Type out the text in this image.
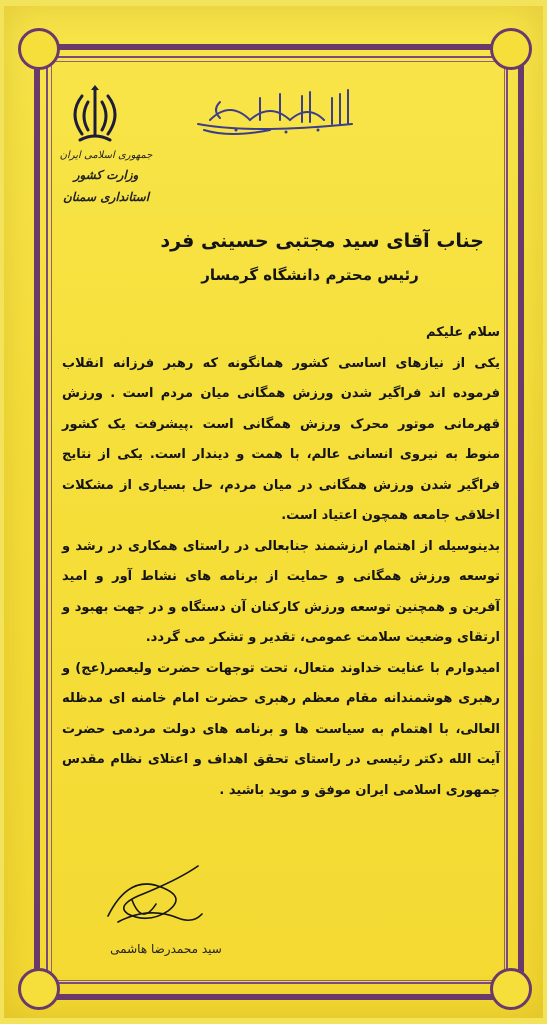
جمهوری اسلامی ایران
وزارت کشور
استانداری سمنان
جناب آقای سید مجتبی حسینی فرد
رئیس محترم دانشگاه گرمسار

سلام علیکم

یکی از نیازهای اساسی کشور همانگونه که رهبر فرزانه انقلاب فرموده اند فراگیر شدن ورزش همگانی میان مردم است . ورزش قهرمانی موتور محرک ورزش همگانی است .پیشرفت یک کشور منوط به نیروی انسانی عالم، با همت و دیندار است. یکی از نتایج فراگیر شدن ورزش همگانی در میان مردم، حل بسیاری از مشکلات اخلاقی جامعه همچون اعتیاد است.

بدینوسیله از اهتمام ارزشمند جنابعالی در راستای همکاری در رشد و توسعه ورزش همگانی و حمایت از برنامه های نشاط آور و امید آفرین و همچنین توسعه ورزش کارکنان آن دستگاه و در جهت بهبود و ارتقای وضعیت سلامت عمومی، تقدیر و تشکر می گردد.

امیدوارم با عنایت خداوند متعال، تحت توجهات حضرت ولیعصر(عج) و رهبری هوشمندانه مقام معظم رهبری حضرت امام خامنه ای مدظله العالی، با اهتمام به سیاست ها و برنامه های دولت مردمی حضرت آیت الله دکتر رئیسی در راستای تحقق اهداف و اعتلای نظام مقدس جمهوری اسلامی ایران موفق و موید باشید .

سید محمدرضا هاشمی
